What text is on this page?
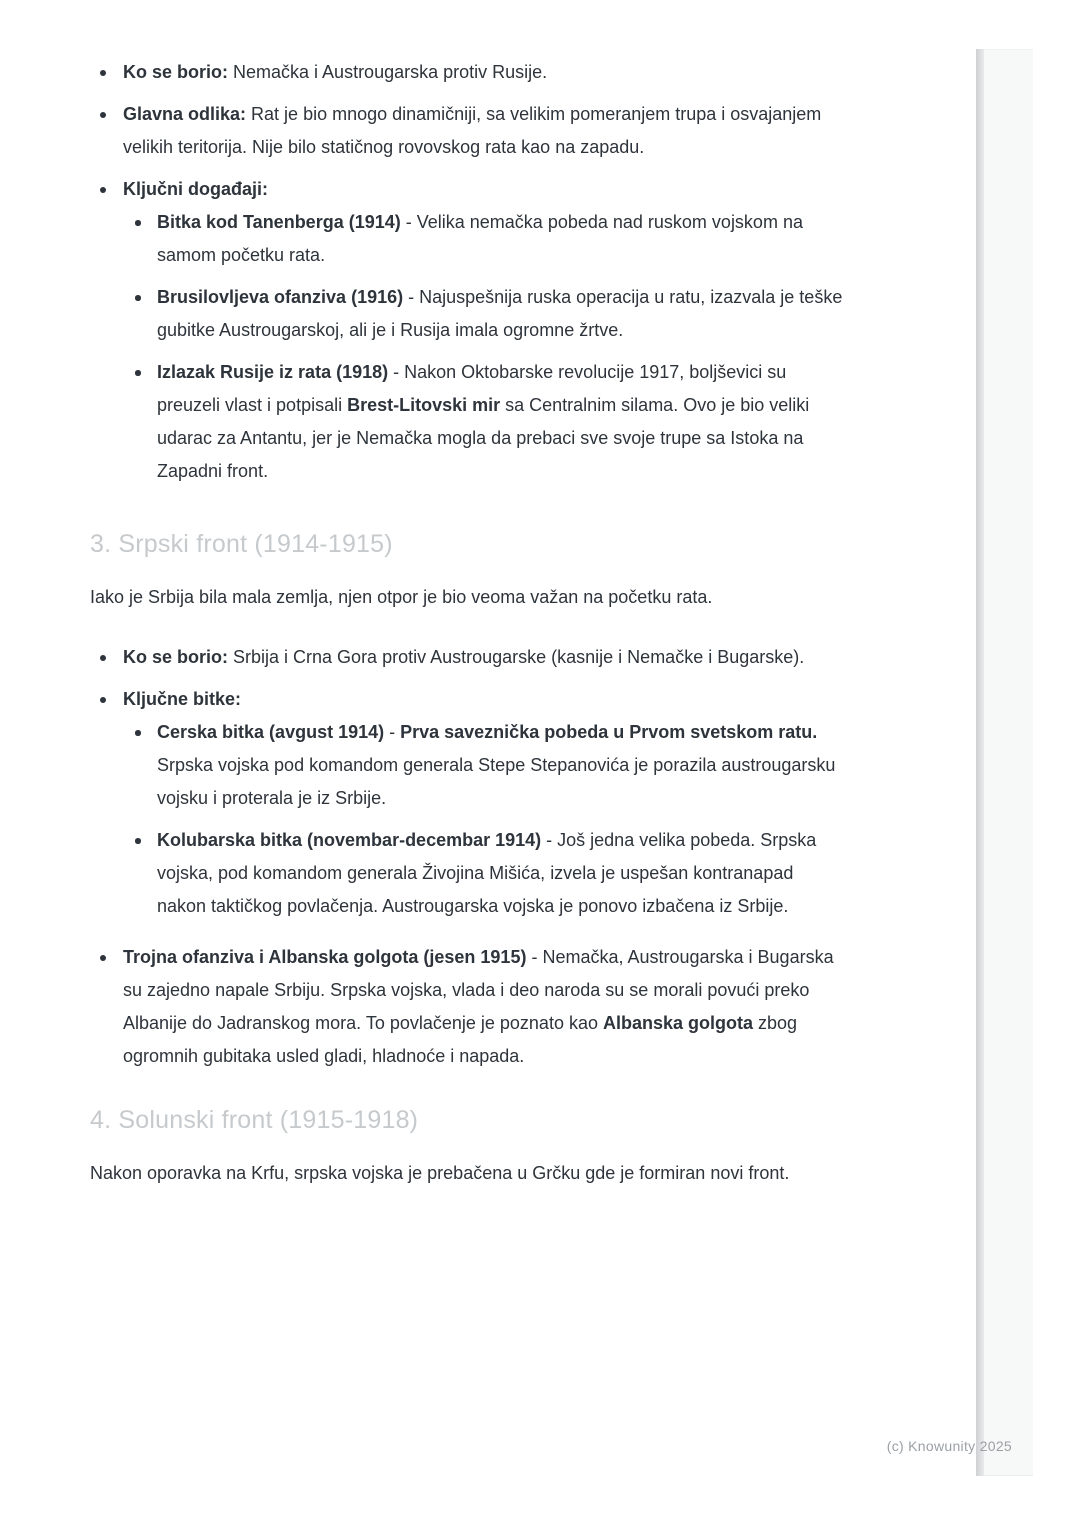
Ko se borio: Nemačka i Austrougarska protiv Rusije.
Glavna odlika: Rat je bio mnogo dinamičniji, sa velikim pomeranjem trupa i osvajanjem velikih teritorija. Nije bilo statičnog rovovskog rata kao na zapadu.
Ključni događaji:
Bitka kod Tanenberga (1914) - Velika nemačka pobeda nad ruskom vojskom na samom početku rata.
Brusilovljeva ofanziva (1916) - Najuspešnija ruska operacija u ratu, izazvala je teške gubitke Austrougarskoj, ali je i Rusija imala ogromne žrtve.
Izlazak Rusije iz rata (1918) - Nakon Oktobarske revolucije 1917, boljševici su preuzeli vlast i potpisali Brest-Litovski mir sa Centralnim silama. Ovo je bio veliki udarac za Antantu, jer je Nemačka mogla da prebaci sve svoje trupe sa Istoka na Zapadni front.
3. Srpski front (1914-1915)

Iako je Srbija bila mala zemlja, njen otpor je bio veoma važan na početku rata.

Ko se borio: Srbija i Crna Gora protiv Austrougarske (kasnije i Nemačke i Bugarske).
Ključne bitke:
Cerska bitka (avgust 1914) - Prva saveznička pobeda u Prvom svetskom ratu. Srpska vojska pod komandom generala Stepe Stepanovića je porazila austrougarsku vojsku i proterala je iz Srbije.
Kolubarska bitka (novembar-decembar 1914) - Još jedna velika pobeda. Srpska vojska, pod komandom generala Živojina Mišića, izvela je uspešan kontranapad nakon taktičkog povlačenja. Austrougarska vojska je ponovo izbačena iz Srbije.
Trojna ofanziva i Albanska golgota (jesen 1915) - Nemačka, Austrougarska i Bugarska su zajedno napale Srbiju. Srpska vojska, vlada i deo naroda su se morali povući preko Albanije do Jadranskog mora. To povlačenje je poznato kao Albanska golgota zbog ogromnih gubitaka usled gladi, hladnoće i napada.
4. Solunski front (1915-1918)

Nakon oporavka na Krfu, srpska vojska je prebačena u Grčku gde je formiran novi front.

(c) Knowunity 2025
